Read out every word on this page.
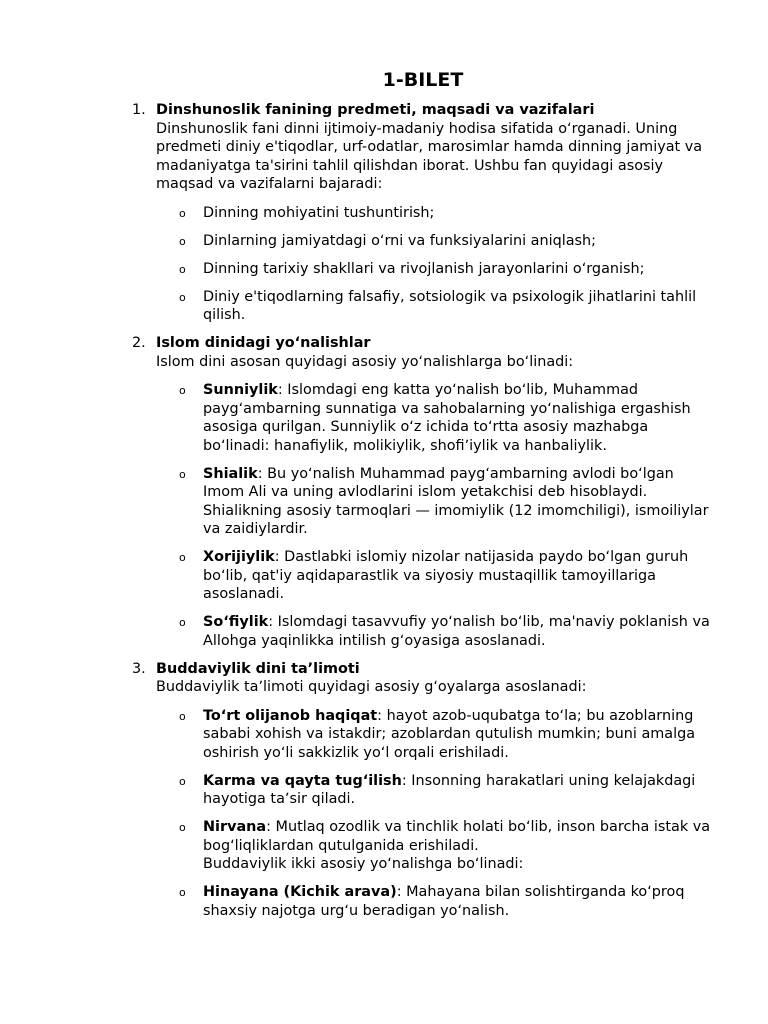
1-BILET
1. Dinshunoslik fanining predmeti, maqsadi va vazifalari
Dinshunoslik fani dinni ijtimoiy-madaniy hodisa sifatida oʻrganadi. Uning predmeti diniy e'tiqodlar, urf-odatlar, marosimlar hamda dinning jamiyat va madaniyatga ta'sirini tahlil qilishdan iborat. Ushbu fan quyidagi asosiy maqsad va vazifalarni bajaradi:
o Dinning mohiyatini tushuntirish;
o Dinlarning jamiyatdagi oʻrni va funksiyalarini aniqlash;
o Dinning tarixiy shakllari va rivojlanish jarayonlarini oʻrganish;
o Diniy e'tiqodlarning falsafiy, sotsiologik va psixologik jihatlarini tahlil qilish.
2. Islom dinidagi yoʻnalishlar
Islom dini asosan quyidagi asosiy yoʻnalishlarga boʻlinadi:
o Sunniylik: Islomdagi eng katta yoʻnalish boʻlib, Muhammad paygʻambarning sunnatiga va sahobalarning yoʻnalishiga ergashish asosiga qurilgan. Sunniylik oʻz ichida toʻrtta asosiy mazhabga boʻlinadi: hanafiylik, molikiylik, shofiʼiylik va hanbaliylik.
o Shialik: Bu yoʻnalish Muhammad paygʻambarning avlodi boʻlgan Imom Ali va uning avlodlarini islom yetakchisi deb hisoblaydi. Shialikning asosiy tarmoqlari — imomiylik (12 imomchiligi), ismoiliylar va zaidiylardir.
o Xorijiylik: Dastlabki islomiy nizolar natijasida paydo boʻlgan guruh boʻlib, qat'iy aqidaparastlik va siyosiy mustaqillik tamoyillariga asoslanadi.
o Soʻfiylik: Islomdagi tasavvufiy yoʻnalish boʻlib, ma'naviy poklanish va Allohga yaqinlikka intilish gʻoyasiga asoslanadi.
3. Buddaviylik dini taʼlimoti
Buddaviylik taʼlimoti quyidagi asosiy gʻoyalarga asoslanadi:
o Toʻrt olijanob haqiqat: hayot azob-uqubatga toʻla; bu azoblarning sababi xohish va istakdir; azoblardan qutulish mumkin; buni amalga oshirish yoʻli sakkizlik yoʻl orqali erishiladi.
o Karma va qayta tugʻilish: Insonning harakatlari uning kelajakdagi hayotiga taʼsir qiladi.
o Nirvana: Mutlaq ozodlik va tinchlik holati boʻlib, inson barcha istak va bogʻliqliklardan qutulganida erishiladi.
Buddaviylik ikki asosiy yoʻnalishga boʻlinadi:
o Hinayana (Kichik arava): Mahayana bilan solishtirganda koʻproq shaxsiy najotga urgʻu beradigan yoʻnalish.
